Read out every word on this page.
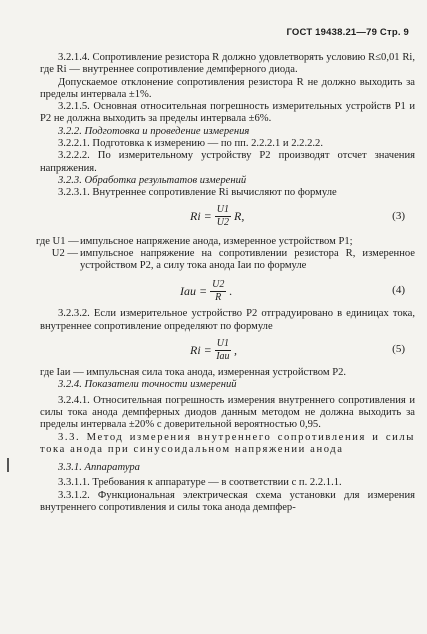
ГОСТ 19438.21—79 Стр. 9

3.2.1.4. Сопротивление резистора R должно удовлетворять условию R≤0,01 Ri, где Ri — внутреннее сопротивление демпферного диода.

Допускаемое отклонение сопротивления резистора R не должно выходить за пределы интервала ±1%.

3.2.1.5. Основная относительная погрешность измерительных устройств P1 и P2 не должна выходить за пределы интервала ±6%.

3.2.2. Подготовка и проведение измерения

3.2.2.1. Подготовка к измерению — по пп. 2.2.2.1 и 2.2.2.2.

3.2.2.2. По измерительному устройству P2 производят отсчет значения напряжения.

3.2.3. Обработка результатов измерений

3.2.3.1. Внутреннее сопротивление Ri вычисляют по формуле

$Ri = \frac{U1}{U2} R$,	(3)
где U1 — импульсное напряжение анода, измеренное устройством P1;
U2 — импульсное напряжение на сопротивлении резистора R, измеренное устройством P2, а силу тока анода Iаи по формуле
Iаи = $\frac{U2}{R}$ .	(4)

3.2.3.2. Если измерительное устройство P2 отградуировано в единицах тока, внутреннее сопротивление определяют по формуле

$Ri = \frac{U1}{\text{Iаи}}$ ,	(5)

где Iаи — импульсная сила тока анода, измеренная устройством P2.

3.2.4. Показатели точности измерений

3.2.4.1. Относительная погрешность измерения внутреннего сопротивления и силы тока анода демпферных диодов данным методом не должна выходить за пределы интервала ±20% с доверительной вероятностью 0,95.

3.3. Метод измерения внутреннего сопротивления и силы тока анода при синусоидальном напряжении анода

3.3.1. Аппаратура

3.3.1.1. Требования к аппаратуре — в соответствии с п. 2.2.1.1.

3.3.1.2. Функциональная электрическая схема установки для измерения внутреннего сопротивления и силы тока анода демпфер-
